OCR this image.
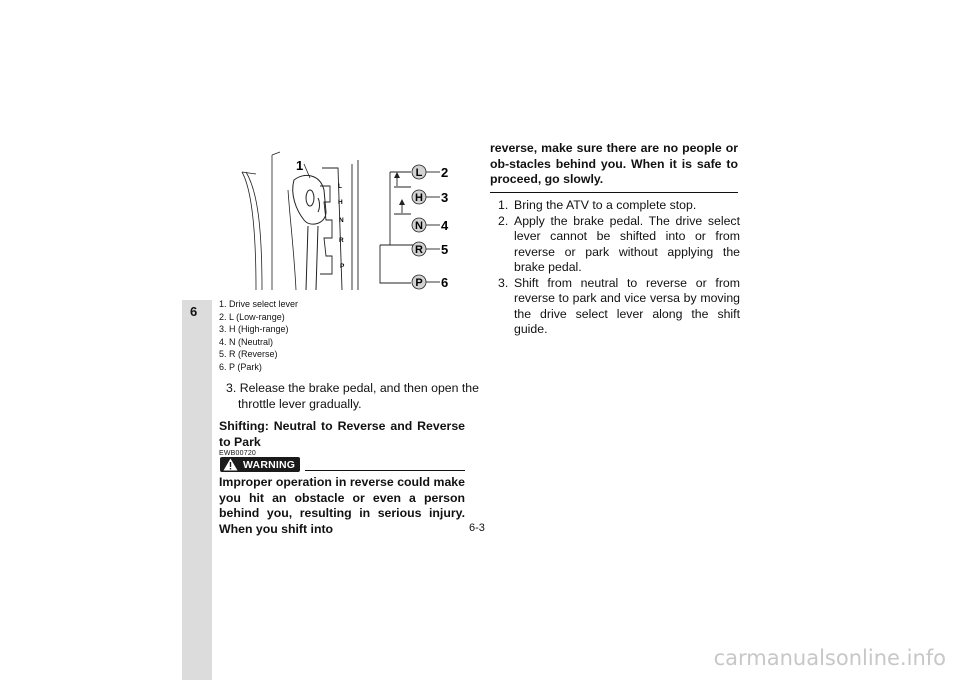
6
L
H
N
R
P
1	L
H
N
R
P
2
3
4
5
6
1. Drive select lever
2. L (Low-range)
3. H (High-range)
4. N (Neutral)
5. R (Reverse)
6. P (Park)
3. Release the brake pedal, and then open the throttle lever gradually.
Shifting: Neutral to Reverse and Reverse to Park
EWB00720
WARNING
Improper operation in reverse could make you hit an obstacle or even a person behind you, resulting in serious injury. When you shift into
reverse, make sure there are no people or ob-stacles behind you. When it is safe to proceed, go slowly.
1. Bring the ATV to a complete stop.
2. Apply the brake pedal. The drive select lever cannot be shifted into or from reverse or park without applying the brake pedal.
3. Shift from neutral to reverse or from reverse to park and vice versa by moving the drive select lever along the shift guide.
6-3
carmanualsonline.info
